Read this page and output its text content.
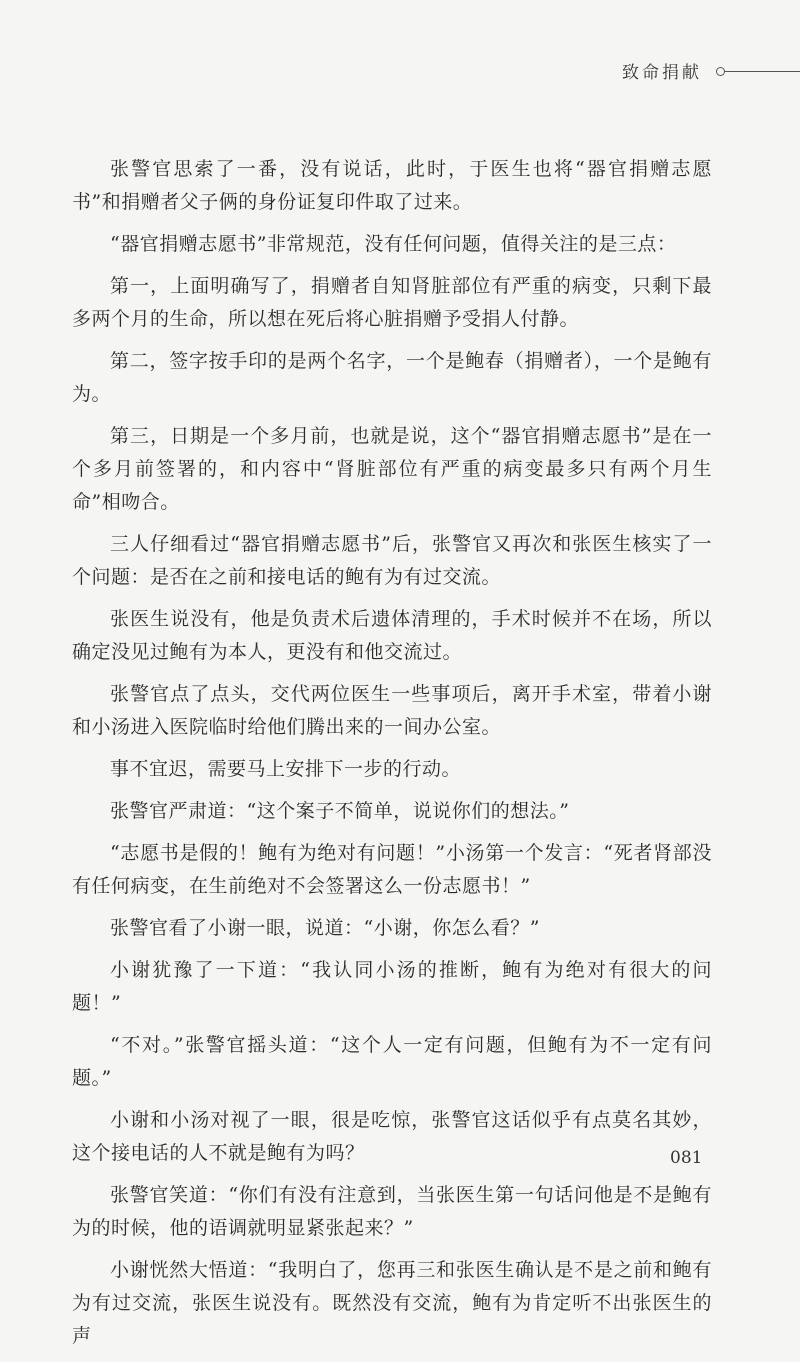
致命捐献

张警官思索了一番，没有说话，此时，于医生也将“器官捐赠志愿书”和捐赠者父子俩的身份证复印件取了过来。

“器官捐赠志愿书”非常规范，没有任何问题，值得关注的是三点：

第一，上面明确写了，捐赠者自知肾脏部位有严重的病变，只剩下最多两个月的生命，所以想在死后将心脏捐赠予受捐人付静。

第二，签字按手印的是两个名字，一个是鲍春（捐赠者），一个是鲍有为。

第三，日期是一个多月前，也就是说，这个“器官捐赠志愿书”是在一个多月前签署的，和内容中“肾脏部位有严重的病变最多只有两个月生命”相吻合。

三人仔细看过“器官捐赠志愿书”后，张警官又再次和张医生核实了一个问题：是否在之前和接电话的鲍有为有过交流。

张医生说没有，他是负责术后遗体清理的，手术时候并不在场，所以确定没见过鲍有为本人，更没有和他交流过。

张警官点了点头，交代两位医生一些事项后，离开手术室，带着小谢和小汤进入医院临时给他们腾出来的一间办公室。

事不宜迟，需要马上安排下一步的行动。

张警官严肃道：“这个案子不简单，说说你们的想法。”

“志愿书是假的！鲍有为绝对有问题！”小汤第一个发言：“死者肾部没有任何病变，在生前绝对不会签署这么一份志愿书！”

张警官看了小谢一眼，说道：“小谢，你怎么看？”

小谢犹豫了一下道：“我认同小汤的推断，鲍有为绝对有很大的问题！”

“不对。”张警官摇头道：“这个人一定有问题，但鲍有为不一定有问题。”

小谢和小汤对视了一眼，很是吃惊，张警官这话似乎有点莫名其妙，这个接电话的人不就是鲍有为吗？

张警官笑道：“你们有没有注意到，当张医生第一句话问他是不是鲍有为的时候，他的语调就明显紧张起来？”

小谢恍然大悟道：“我明白了，您再三和张医生确认是不是之前和鲍有为有过交流，张医生说没有。既然没有交流，鲍有为肯定听不出张医生的声

081
